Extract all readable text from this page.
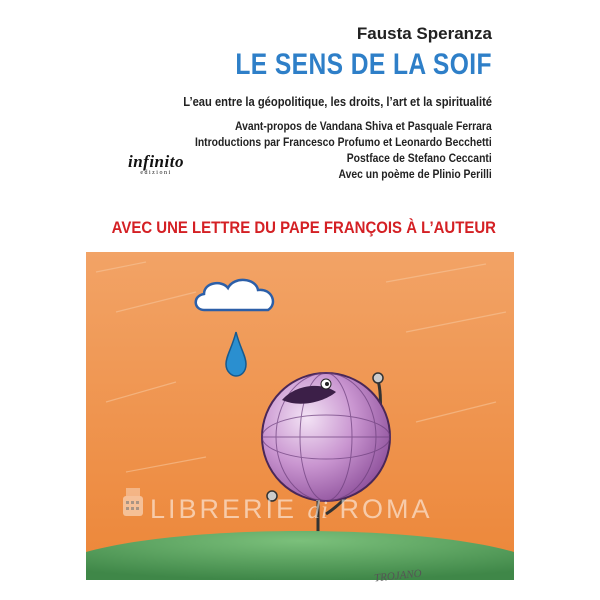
Fausta Speranza
LE SENS DE LA SOIF
L’eau entre la géopolitique, les droits, l’art et la spiritualité
Avant-propos de Vandana Shiva et Pasquale Ferrara
Introductions par Francesco Profumo et Leonardo Becchetti
Postface de Stefano Ceccanti
Avec un poème de Plinio Perilli
infinito
edizioni
AVEC UNE LETTRE DU PAPE FRANÇOIS À L’AUTEUR
LIBRERIE di ROMA
TROJANO
